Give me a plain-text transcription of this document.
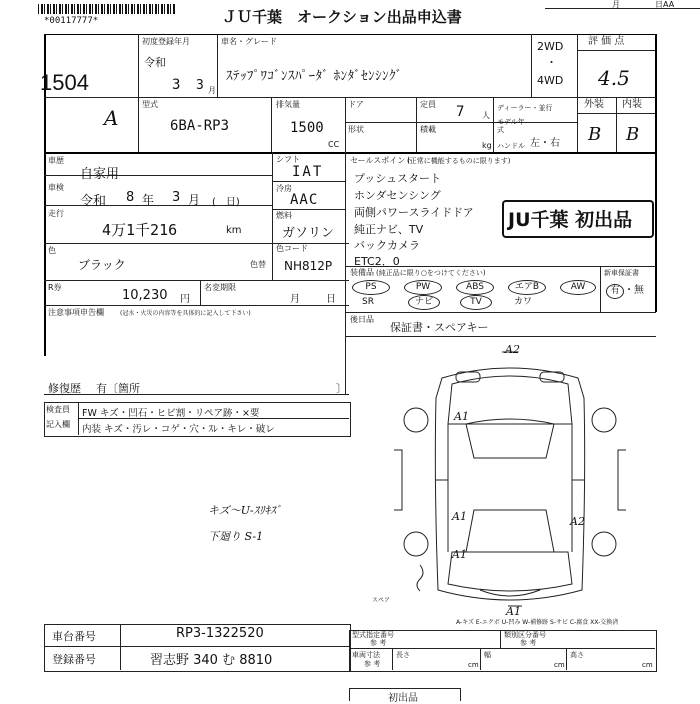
*00117777*	ＪＵ千葉　オークション出品申込書
月	日AA
1504
A
初度登録年月
令和
3 3 月
車名・グレード
ｽﾃｯﾌﾟﾜｺﾞﾝｽﾊﾟｰﾀﾞ ﾎﾝﾀﾞｾﾝｼﾝｸﾞ
2WD
・
4WD
評 価 点
4.5
型式
6BA-RP3
排気量
1500
CC
ドア	定員 7 人
形状	積載
kg
ディーラー・並行
モデル年式
ハンドル 左・右
外装 内装
B B
車歴
自家用
車検
令和 8 年 3 月 (　日)
走行
4万1千216	km
シフト
IAT
冷房
AAC
燃料
ガソリン
色
ブラック	色替
色コード
NH812P
R券
10,230 円
名変期限
月	日
注意事項申告欄	(冠水・火災の内容等を具体的に記入して下さい)
修復歴 有〔箇所	〕
検査員
記入欄
FW キズ・凹石・ヒビ割・リペア跡・×要
内装 キズ・汚レ・コゲ・穴・ｽﾚ・キレ・破レ
セールスポイント
(正常に機能するものに限ります)
プッシュスタート
ホンダセンシング
両側パワースライドドア
純正ナビ、TV
バックカメラ
ETC2．0
JU千葉 初出品
装備品 (純正品に限り○をつけてください)
PS	PW	ABS	エアB	AW
SR	ナビ	TV	カワ
新車保証書
有 ・無
後日品
保証書・スペアキー
A2
A1
A1
A1
A2
A1
キズ～U-ｽﾘｷｽﾞ
下廻り S-1
スペア
A-キズ E-エクボ U-凹み W-補修跡 S-サビ C-腐食 XX-交換済
車台番号	RP3-1322520
登録番号	習志野 340 む 8810
型式指定番号
参 考
類別区分番号
参 考
車両寸法
参 考
長さ
cm
幅
cm
高さ
cm
初出品
